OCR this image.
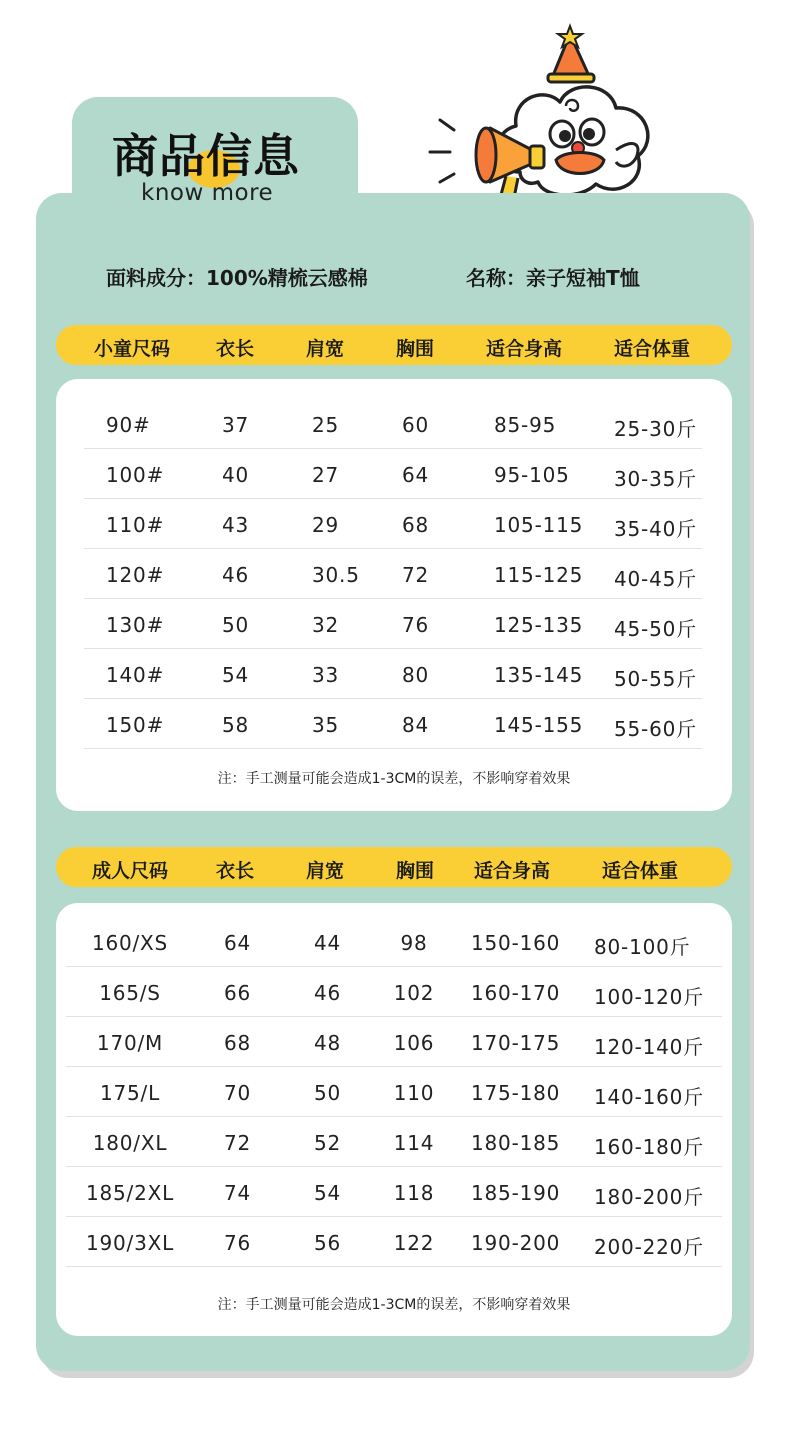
商品信息
know more
面料成分：100%精梳云感棉	名称：亲子短袖T恤
小童尺码 衣长	肩宽	胸围	适合身高	适合体重
90#	37	25	60	85-95	25-30斤
100#	40	27	64	95-105 30-35斤
110#	43	29	68	105-115 35-40斤
120#	46	30.5 72	115-125 40-45斤
130#	50	32	76	125-135 45-50斤
140#	54	33	80	135-145 50-55斤
150#	58	35	84	145-155 55-60斤
注：手工测量可能会造成1-3CM的误差，不影响穿着效果
成人尺码	衣长	肩宽	胸围 适合身高	适合体重
160/XS	64	44	98 150-160 80-100斤
165/S	66	46	102 160-170 100-120斤
170/M	68	48	106 170-175 120-140斤
175/L	70	50	110 175-180 140-160斤
180/XL	72	52	114 180-185 160-180斤
185/2XL 74	54	118 185-190 180-200斤
190/3XL 76	56	122 190-200 200-220斤
注：手工测量可能会造成1-3CM的误差，不影响穿着效果
